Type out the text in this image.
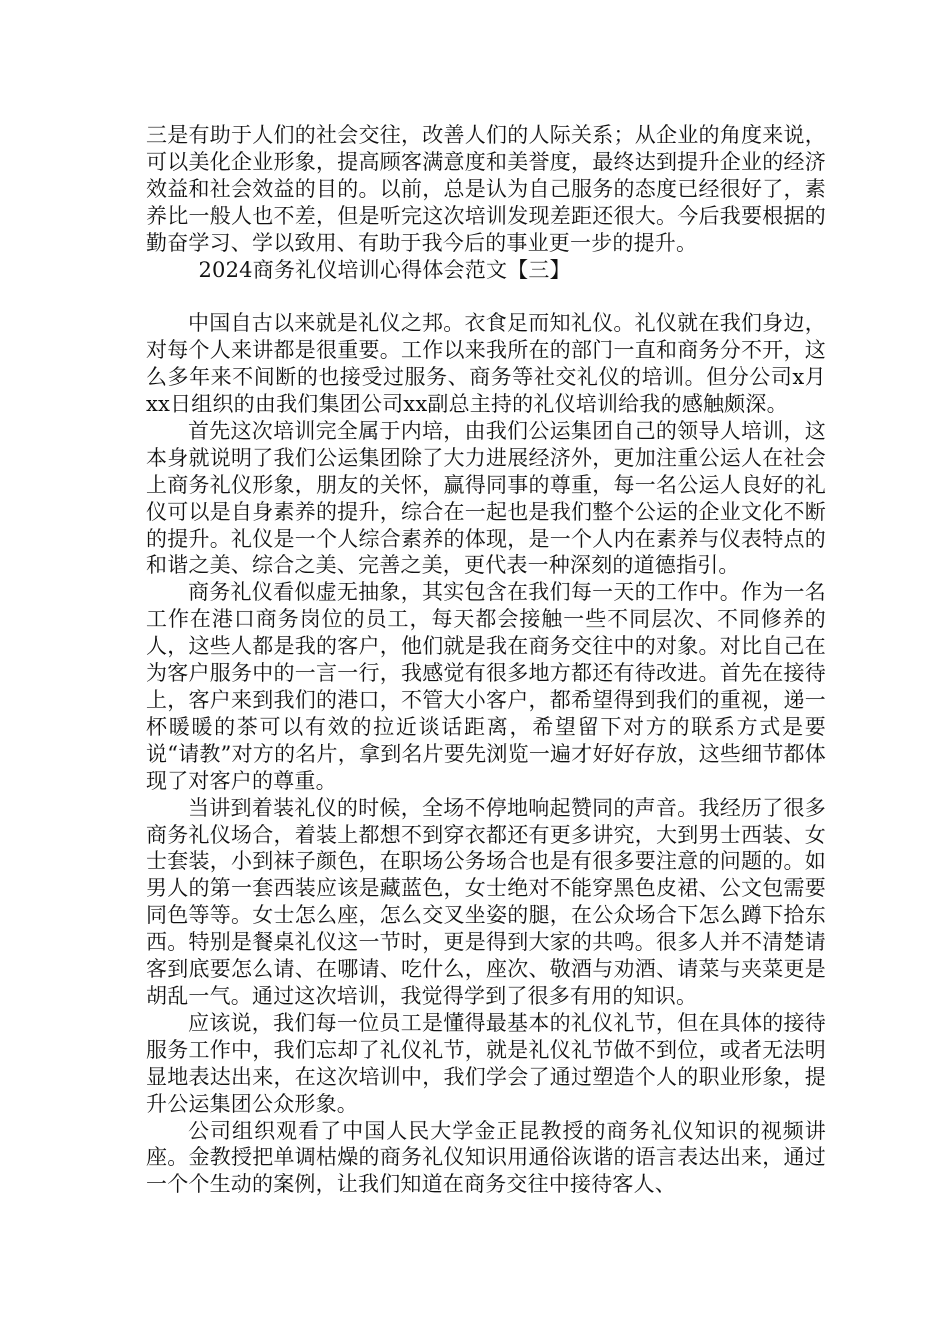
三是有助于人们的社会交往，改善人们的人际关系；从企业的角度来说，可以美化企业形象，提高顾客满意度和美誉度，最终达到提升企业的经济效益和社会效益的目的。以前，总是认为自己服务的态度已经很好了，素养比一般人也不差，但是听完这次培训发现差距还很大。今后我要根据的勤奋学习、学以致用、有助于我今后的事业更一步的提升。

2024商务礼仪培训心得体会范文【三】

中国自古以来就是礼仪之邦。衣食足而知礼仪。礼仪就在我们身边，对每个人来讲都是很重要。工作以来我所在的部门一直和商务分不开，这么多年来不间断的也接受过服务、商务等社交礼仪的培训。但分公司x月xx日组织的由我们集团公司xx副总主持的礼仪培训给我的感触颇深。

首先这次培训完全属于内培，由我们公运集团自己的领导人培训，这本身就说明了我们公运集团除了大力进展经济外，更加注重公运人在社会上商务礼仪形象，朋友的关怀，赢得同事的尊重，每一名公运人良好的礼仪可以是自身素养的提升，综合在一起也是我们整个公运的企业文化不断的提升。礼仪是一个人综合素养的体现，是一个人内在素养与仪表特点的和谐之美、综合之美、完善之美，更代表一种深刻的道德指引。

商务礼仪看似虚无抽象，其实包含在我们每一天的工作中。作为一名工作在港口商务岗位的员工，每天都会接触一些不同层次、不同修养的人，这些人都是我的客户，他们就是我在商务交往中的对象。对比自己在为客户服务中的一言一行，我感觉有很多地方都还有待改进。首先在接待上，客户来到我们的港口，不管大小客户，都希望得到我们的重视，递一杯暖暖的茶可以有效的拉近谈话距离，希望留下对方的联系方式是要说“请教”对方的名片，拿到名片要先浏览一遍才好好存放，这些细节都体现了对客户的尊重。

当讲到着装礼仪的时候，全场不停地响起赞同的声音。我经历了很多商务礼仪场合，着装上都想不到穿衣都还有更多讲究，大到男士西装、女士套装，小到袜子颜色，在职场公务场合也是有很多要注意的问题的。如男人的第一套西装应该是藏蓝色，女士绝对不能穿黑色皮裙、公文包需要同色等等。女士怎么座，怎么交叉坐姿的腿，在公众场合下怎么蹲下拾东西。特别是餐桌礼仪这一节时，更是得到大家的共鸣。很多人并不清楚请客到底要怎么请、在哪请、吃什么，座次、敬酒与劝酒、请菜与夹菜更是胡乱一气。通过这次培训，我觉得学到了很多有用的知识。

应该说，我们每一位员工是懂得最基本的礼仪礼节，但在具体的接待服务工作中，我们忘却了礼仪礼节，就是礼仪礼节做不到位，或者无法明显地表达出来，在这次培训中，我们学会了通过塑造个人的职业形象，提升公运集团公众形象。

公司组织观看了中国人民大学金正昆教授的商务礼仪知识的视频讲座。金教授把单调枯燥的商务礼仪知识用通俗诙谐的语言表达出来，通过一个个生动的案例，让我们知道在商务交往中接待客人、
